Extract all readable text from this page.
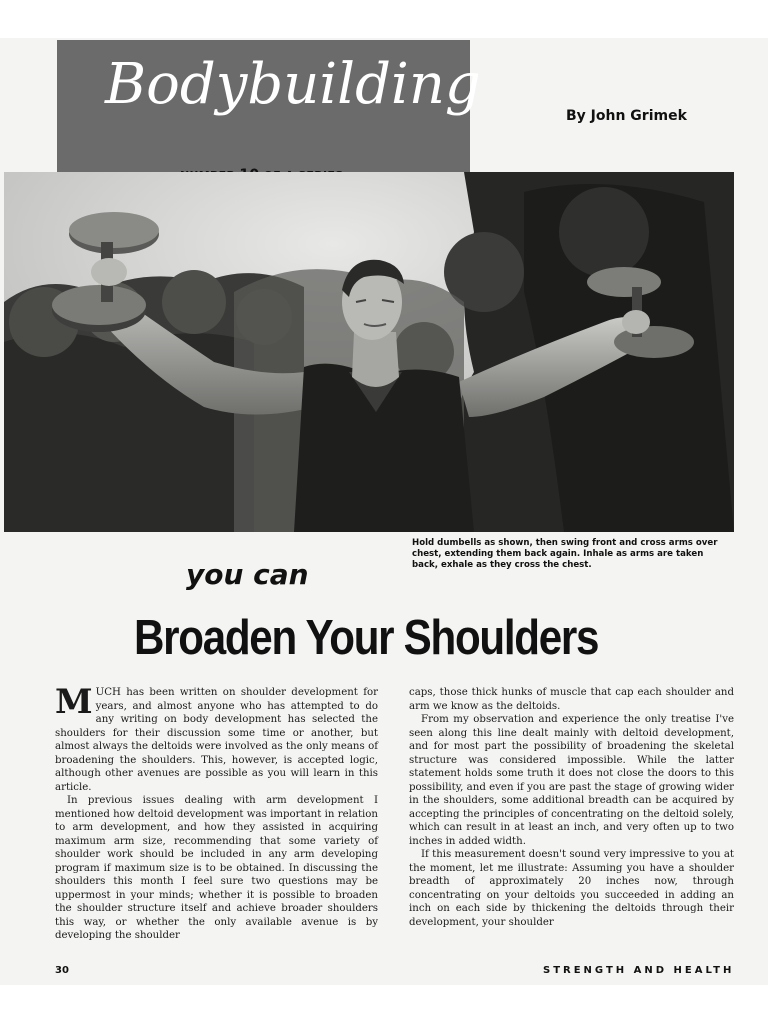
Bodybuilding	By John Grimek
Hold dumbells as shown, then swing front and cross arms over chest, extending them back again. Inhale as arms are taken back, exhale as they cross the chest.
you can
Broaden Your Shoulders

MUCH has been written on shoulder development for years, and almost anyone who has attempted to do any writing on body development has selected the shoulders for their discussion some time or another, but almost always the deltoids were involved as the only means of broadening the shoulders. This, however, is accepted logic, although other avenues are possible as you will learn in this article.

In previous issues dealing with arm development I mentioned how deltoid development was important in relation to arm development, and how they assisted in acquiring maximum arm size, recommending that some variety of shoulder work should be included in any arm developing program if maximum size is to be obtained. In discussing the shoulders this month I feel sure two questions may be uppermost in your minds; whether it is possible to broaden the shoulder structure itself and achieve broader shoulders this way, or whether the only available avenue is by developing the shoulder

caps, those thick hunks of muscle that cap each shoulder and arm we know as the deltoids.

From my observation and experience the only treatise I've seen along this line dealt mainly with deltoid development, and for most part the possibility of broadening the skeletal structure was considered impossible. While the latter statement holds some truth it does not close the doors to this possibility, and even if you are past the stage of growing wider in the shoulders, some additional breadth can be acquired by accepting the principles of concentrating on the deltoid solely, which can result in at least an inch, and very often up to two inches in added width.

If this measurement doesn't sound very impressive to you at the moment, let me illustrate: Assuming you have a shoulder breadth of approximately 20 inches now, through concentrating on your deltoids you succeeded in adding an inch on each side by thickening the deltoids through their development, your shoulder

30	STRENGTH AND HEALTH
